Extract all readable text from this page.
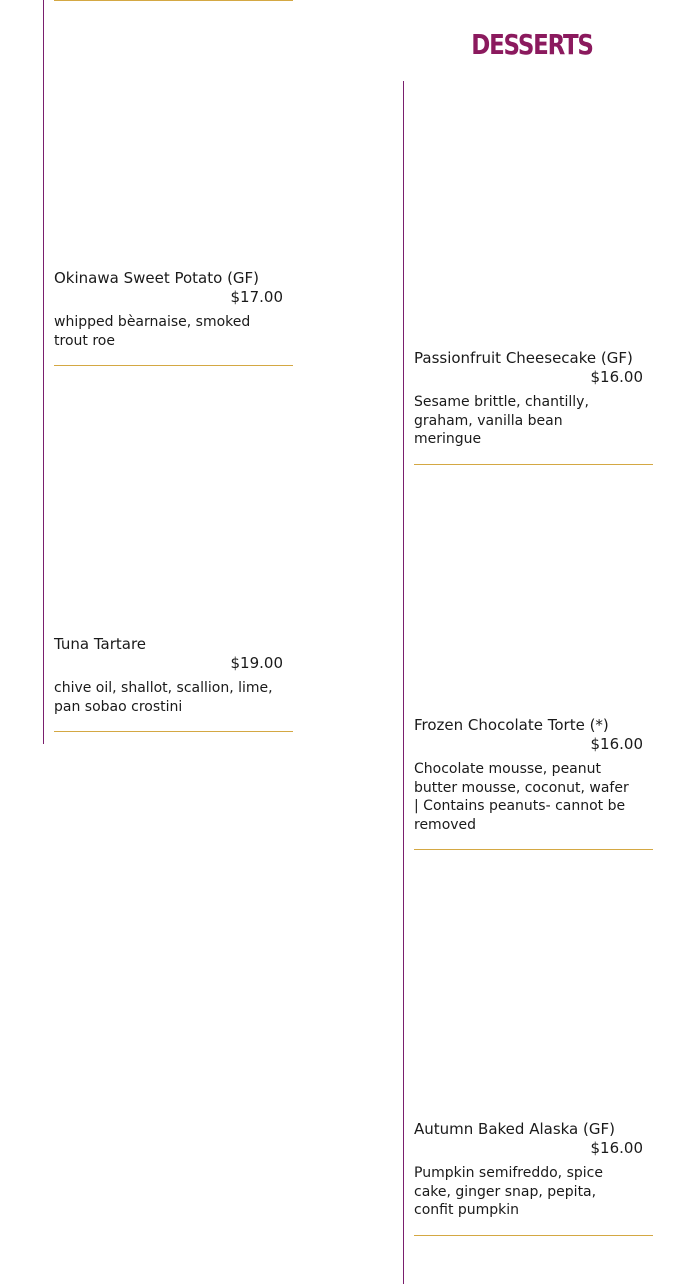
DESSERTS

Okinawa Sweet Potato (GF)

$17.00

whipped bèarnaise, smoked trout roe

Tuna Tartare

$19.00

chive oil, shallot, scallion, lime, pan sobao crostini

Passionfruit Cheesecake (GF)

$16.00

Sesame brittle, chantilly, graham, vanilla bean meringue

Frozen Chocolate Torte (*)

$16.00

Chocolate mousse, peanut butter mousse, coconut, wafer | Contains peanuts- cannot be removed

Autumn Baked Alaska (GF)

$16.00

Pumpkin semifreddo, spice cake, ginger snap, pepita, confit pumpkin
